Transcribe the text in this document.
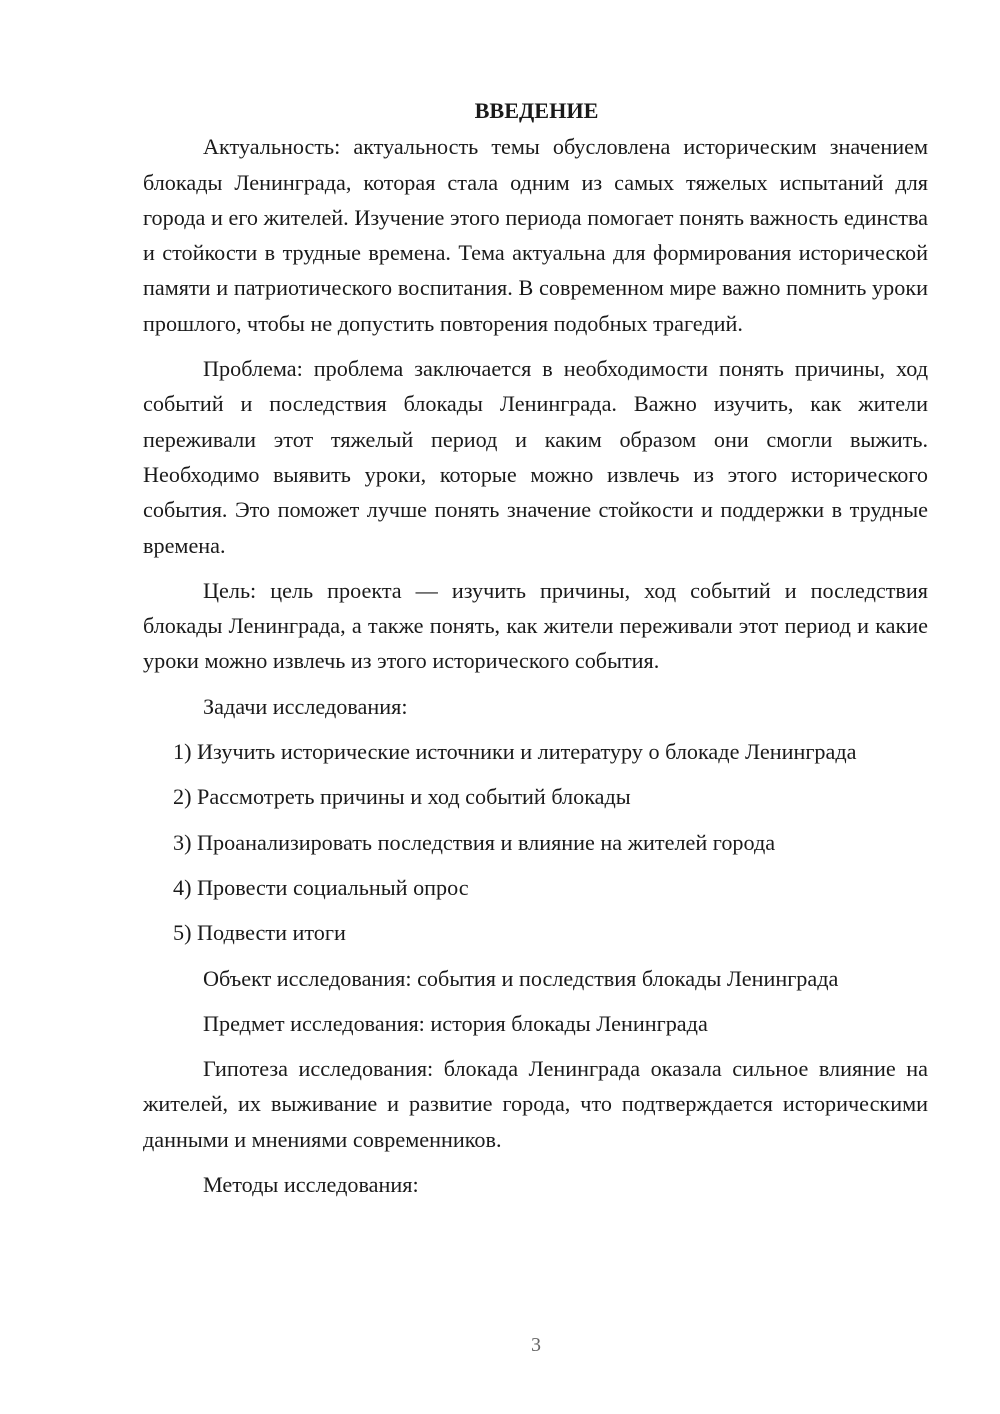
ВВЕДЕНИЕ

Актуальность: актуальность темы обусловлена историческим значением блокады Ленинграда, которая стала одним из самых тяжелых испытаний для города и его жителей. Изучение этого периода помогает понять важность единства и стойкости в трудные времена. Тема актуальна для формирования исторической памяти и патриотического воспитания. В современном мире важно помнить уроки прошлого, чтобы не допустить повторения подобных трагедий.

Проблема: проблема заключается в необходимости понять причины, ход событий и последствия блокады Ленинграда. Важно изучить, как жители переживали этот тяжелый период и каким образом они смогли выжить. Необходимо выявить уроки, которые можно извлечь из этого исторического события. Это поможет лучше понять значение стойкости и поддержки в трудные времена.

Цель: цель проекта — изучить причины, ход событий и последствия блокады Ленинграда, а также понять, как жители переживали этот период и какие уроки можно извлечь из этого исторического события.

Задачи исследования:

1) Изучить исторические источники и литературу о блокаде Ленинграда
2) Рассмотреть причины и ход событий блокады
3) Проанализировать последствия и влияние на жителей города
4) Провести социальный опрос
5) Подвести итоги

Объект исследования: события и последствия блокады Ленинграда

Предмет исследования: история блокады Ленинграда

Гипотеза исследования: блокада Ленинграда оказала сильное влияние на жителей, их выживание и развитие города, что подтверждается историческими данными и мнениями современников.

Методы исследования:

3
